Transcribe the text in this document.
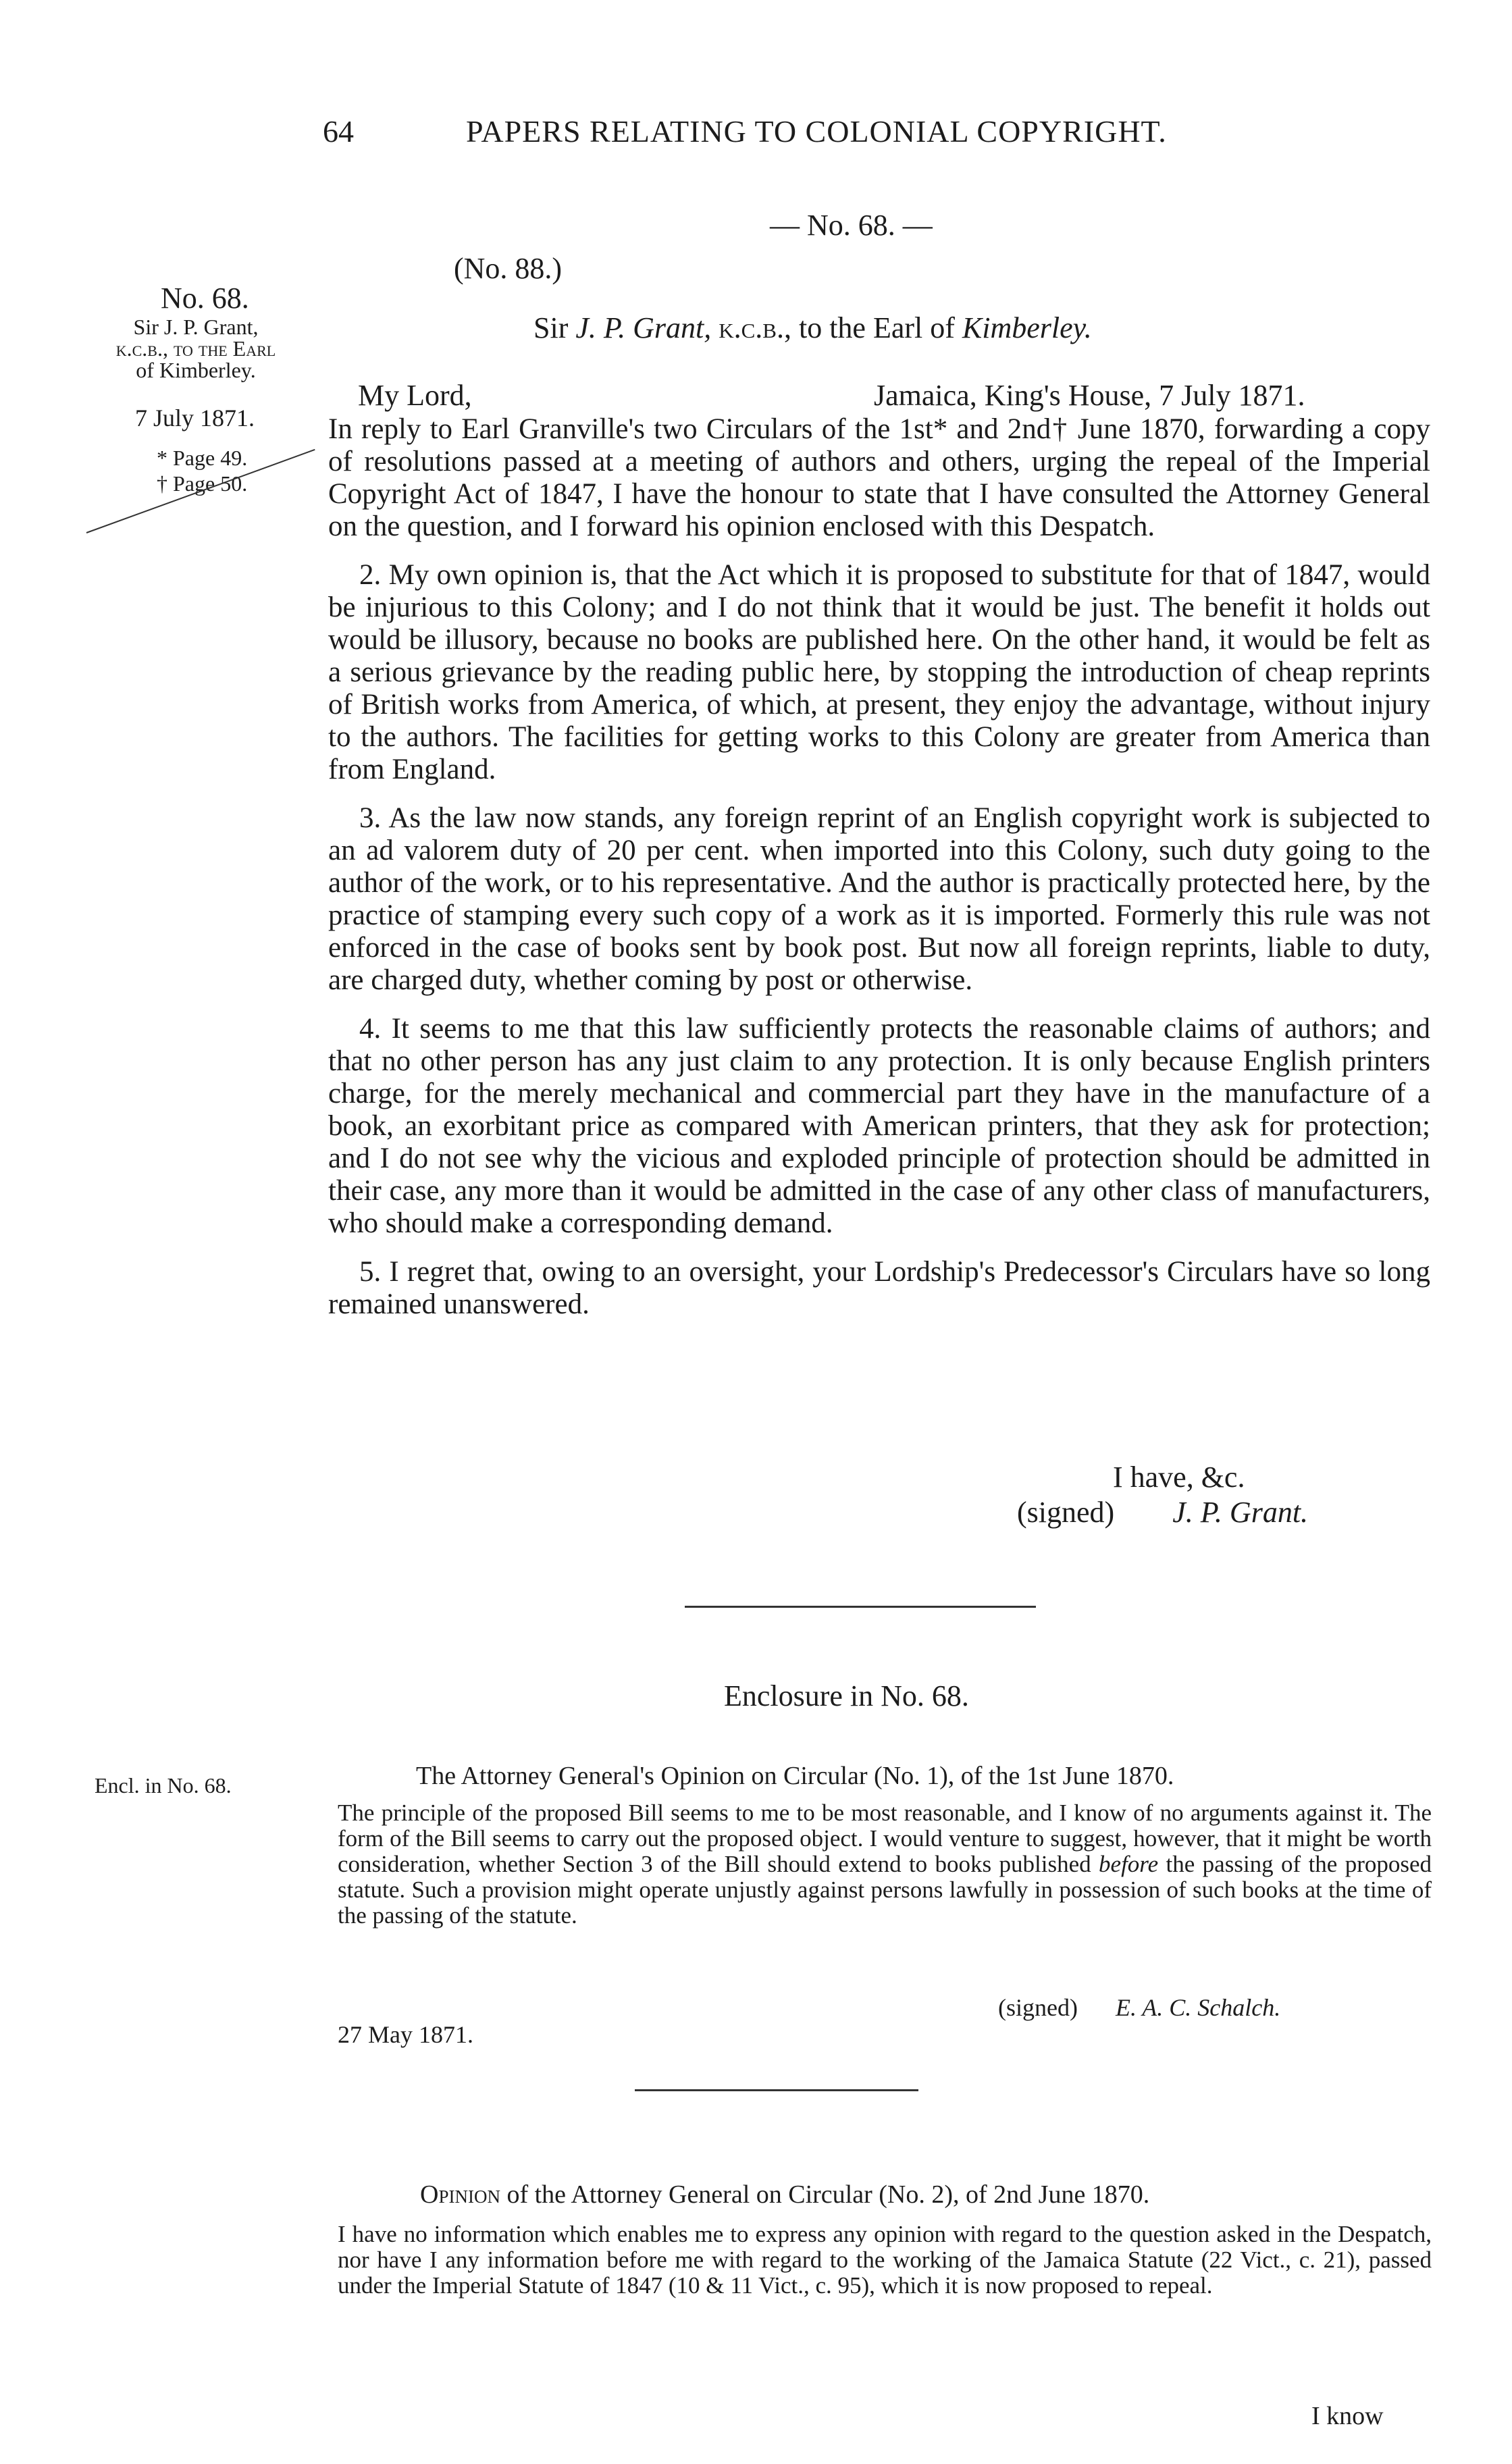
64	PAPERS RELATING TO COLONIAL COPYRIGHT.
— No. 68. —
(No. 88.)
Sir J. P. Grant, k.c.b., to the Earl of Kimberley.
No. 68.
Sir J. P. Grant,
k.c.b., to the Earl
of Kimberley.
7 July 1871.
* Page 49.
† Page 50.
Encl. in No. 68.
My Lord,	Jamaica, King's House, 7 July 1871.

In reply to Earl Granville's two Circulars of the 1st* and 2nd† June 1870, forwarding a copy of resolutions passed at a meeting of authors and others, urging the repeal of the Imperial Copyright Act of 1847, I have the honour to state that I have consulted the Attorney General on the question, and I forward his opinion enclosed with this Despatch.

2. My own opinion is, that the Act which it is proposed to substitute for that of 1847, would be injurious to this Colony; and I do not think that it would be just. The benefit it holds out would be illusory, because no books are published here. On the other hand, it would be felt as a serious grievance by the reading public here, by stopping the introduction of cheap reprints of British works from America, of which, at present, they enjoy the advantage, without injury to the authors. The facilities for getting works to this Colony are greater from America than from England.

3. As the law now stands, any foreign reprint of an English copyright work is subjected to an ad valorem duty of 20 per cent. when imported into this Colony, such duty going to the author of the work, or to his representative. And the author is practically protected here, by the practice of stamping every such copy of a work as it is imported. Formerly this rule was not enforced in the case of books sent by book post. But now all foreign reprints, liable to duty, are charged duty, whether coming by post or otherwise.

4. It seems to me that this law sufficiently protects the reasonable claims of authors; and that no other person has any just claim to any protection. It is only because English printers charge, for the merely mechanical and commercial part they have in the manufacture of a book, an exorbitant price as compared with American printers, that they ask for protection; and I do not see why the vicious and exploded principle of protection should be admitted in their case, any more than it would be admitted in the case of any other class of manufacturers, who should make a corresponding demand.

5. I regret that, owing to an oversight, your Lordship's Predecessor's Circulars have so long remained unanswered.

I have, &c.
(signed) J. P. Grant.
Enclosure in No. 68.
The Attorney General's Opinion on Circular (No. 1), of the 1st June 1870.

The principle of the proposed Bill seems to me to be most reasonable, and I know of no arguments against it. The form of the Bill seems to carry out the proposed object. I would venture to suggest, however, that it might be worth consideration, whether Section 3 of the Bill should extend to books published before the passing of the proposed statute. Such a provision might operate unjustly against persons lawfully in possession of such books at the time of the passing of the statute.

(signed) E. A. C. Schalch.
27 May 1871.
Opinion of the Attorney General on Circular (No. 2), of 2nd June 1870.

I have no information which enables me to express any opinion with regard to the question asked in the Despatch, nor have I any information before me with regard to the working of the Jamaica Statute (22 Vict., c. 21), passed under the Imperial Statute of 1847 (10 & 11 Vict., c. 95), which it is now proposed to repeal.

I know
